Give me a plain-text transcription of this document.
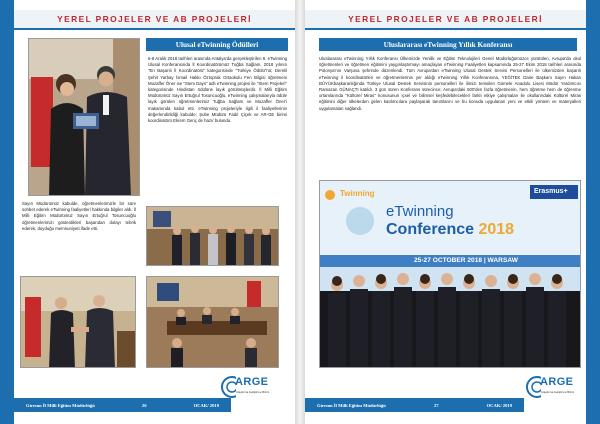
YEREL PROJELER VE AB PROJELERİ
Ulusal eTwinning Ödülleri

6-8 Aralık 2018 tarihleri arasında Antalya'da gerçekleştirilen 9. eTwinning Ulusal Konferansında İl Koordinatörümüz Tuğba Sağlam, 2018 yılının "En Başarılı İl Koordinatörü" kategorisinde "Türkiye Ödülü"nü; Derelil Şehit Yarbay İsmail Hakkı Öztoprak Ortaokulu Fen Bilgisi öğretmeni Muzaffer Öner ise "Stem Days" adlı eTwinning projesi ile "Stem Projeleri" kategorisinde Hindistan ödülüne layık görülmüşlerdir. İl Milli Eğitim Müdürümüz Sayın Ertuğrul Tosuncuoğlu, eTwinning çalışmalarıyla ödüle layık görülen öğretmenlerimiz Tuğba Sağlam ve Muzaffer Öner'i makamında kabul etti. eTwinning projeleriyle ilgili il faaliyetlerinin değerlendirildiği kabulde; Şube Müdürü Fadıl Çiçek ve AR-GE birimi koordinatörü Ekrem Genç de hazır bulundu.

Sayın Müdürümüz kabulde, öğretmenlerimizle bir süre sohbet ederek eTwinning faaliyetleri hakkında bilgiler aldı. İl Milli Eğitim Müdürümüz Sayın Ertuğrul Tosuncuoğlu öğretmenlerimizi gösterdikleri başarıdan dolayı tebrik ederek, duyduğu memnuniyeti ifade etti.

Giresun İl Milli Eğitim Müdürlüğü	26	OCAK/ 2019
ARGE
Araştırma Geliştirme Birimi
YEREL PROJELER VE AB PROJELERİ
Uluslararası eTwinning Yıllık Konferansı

Uluslararası eTwinning Yıllık Konferansı Ülkemizde Yenilik ve Eğitim Teknolojileri Genel Müdürlüğümüzce yürütülen, Avrupa'da okul öğretmenleri ve öğretmen eğitimini yaygınlaştırmayı amaçlayan eTwinning Faaliyetleri kapsamında 25-27 Ekim 2018 tarihleri arasında Polonya'nın Varşova şehrinde düzenlendi. Tüm Avrupa'dan eTwinning Ulusal Destek Servisi Personelleri ile ülkemizden başarılı eTwinning il koordinatörleri ve öğretmenlerinin yer aldığı eTwinning Yıllık Konferansına, YEĞİTEK Daire Başkanı Sayın Hakan BÜYÜKbaşkaranlığında Türkiye Ulusal Destek Servisinin personelleri ile ilimizi temsilen Gümele Anadolu Lisesi Müdür Yardımcısı Ramazan GÜNAÇTI katıldı. 3 gün süren Konferans sürecince; Avrupa'daki 500'den fazla öğretmenin, hem öğretme hem de öğrenme ortamlarında "Kültürel Miras" konusunun içsel ve bilimsel keşfedebilecekleri farklı etkiye çalışmaları ile okullarındaki Kültürel Miras eğitimini diğer ülkelerden gelen katılımcılara paylaşarak tanımlarını ve bu konuda uygulanan yeni ve etkili yöntem ve materyalleri uygulamaları sağlandı.

Twinning	Erasmus+
eTwinning
Conference 2018
25-27 OCTOBER 2018 | WARSAW
Giresun İl Milli Eğitim Müdürlüğü	27	OCAK/ 2019
ARGE
Araştırma Geliştirme Birimi
